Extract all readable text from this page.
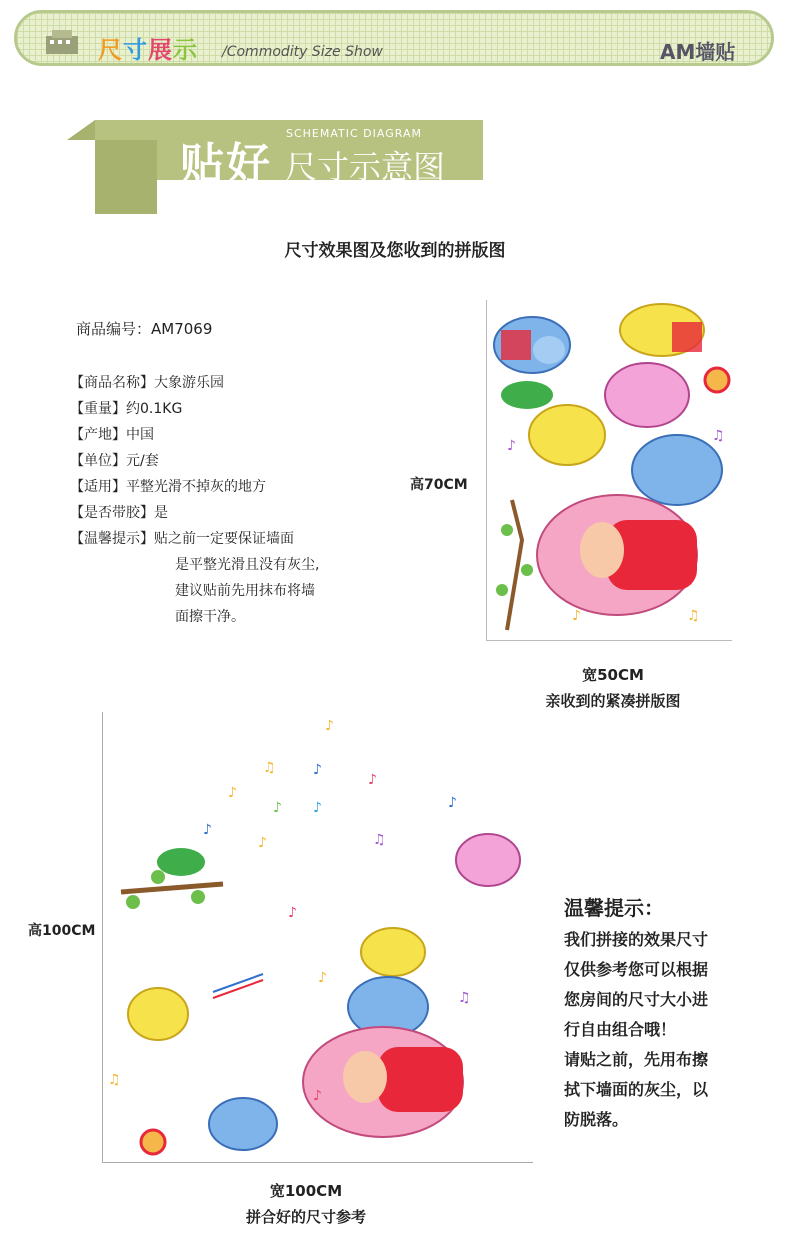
尺寸展示 /Commodity Size Show	AM墙贴
贴好
SCHEMATIC DIAGRAM
尺寸示意图
尺寸效果图及您收到的拼版图
商品编号：AM7069
【商品名称】大象游乐园
【重量】约0.1KG
【产地】中国
【单位】元/套
【适用】平整光滑不掉灰的地方
【是否带胶】是
【温馨提示】贴之前一定要保证墙面
是平整光滑且没有灰尘,
建议贴前先用抹布将墙
面擦干净。
♪
♫
♪
♫
高70CM
宽50CM
亲收到的紧凑拼版图
♪
♫	♪
♪
♪ ♪
♪
♪
♫
♪
♪
♪
♪
♫
♫
♪
高100CM
宽100CM
拼合好的尺寸参考
温馨提示：
我们拼接的效果尺寸
仅供参考您可以根据
您房间的尺寸大小进
行自由组合哦！
请贴之前，先用布擦
拭下墙面的灰尘，以
防脱落。
